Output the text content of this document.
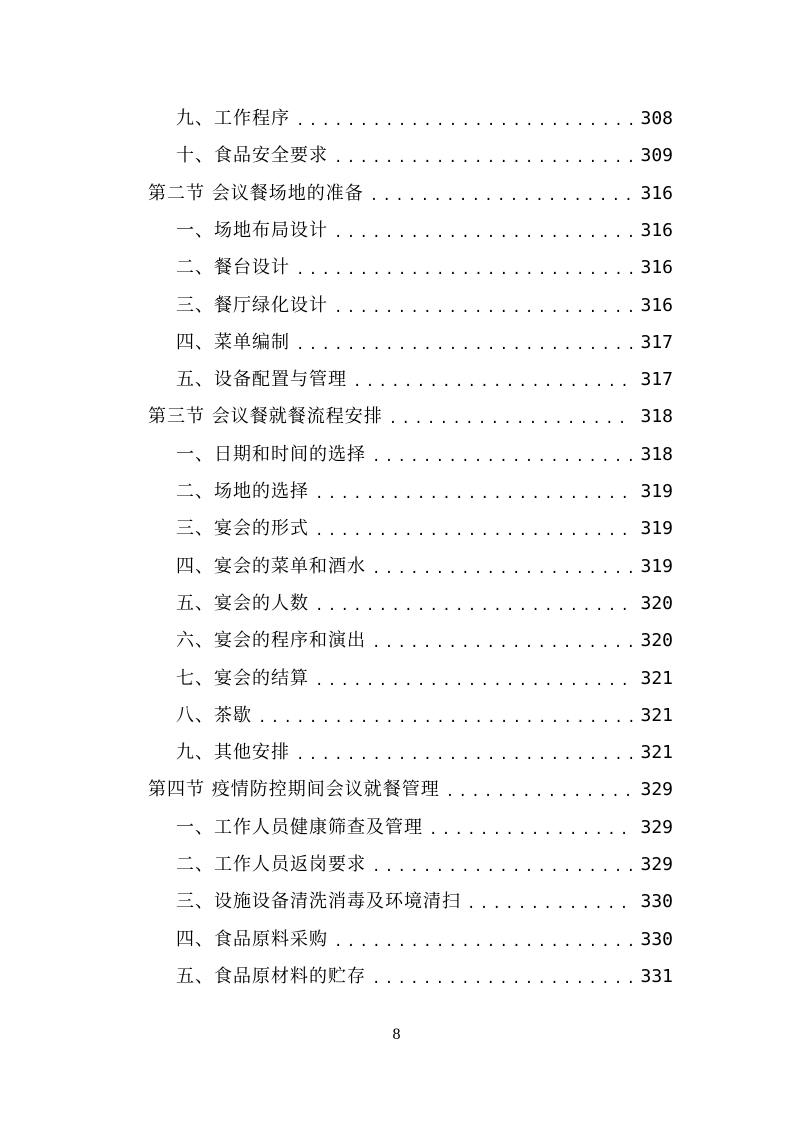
九、工作程序 .....	308
十、食品安全要求 .....	309
第二节 会议餐场地的准备 .....	316
一、场地布局设计 .....	316
二、餐台设计 .....	316
三、餐厅绿化设计 .....	316
四、菜单编制 .....	317
五、设备配置与管理 .....	317
第三节 会议餐就餐流程安排 .....	318
一、日期和时间的选择 .....	318
二、场地的选择 .....	319
三、宴会的形式 .....	319
四、宴会的菜单和酒水 .....	319
五、宴会的人数 .....	320
六、宴会的程序和演出 .....	320
七、宴会的结算 .....	321
八、茶歇 .....	321
九、其他安排 .....	321
第四节 疫情防控期间会议就餐管理 .....	329
一、工作人员健康筛查及管理 .....	329
二、工作人员返岗要求 .....	329
三、设施设备清洗消毒及环境清扫 .....	330
四、食品原料采购 .....	330
五、食品原材料的贮存 .....	331
8
